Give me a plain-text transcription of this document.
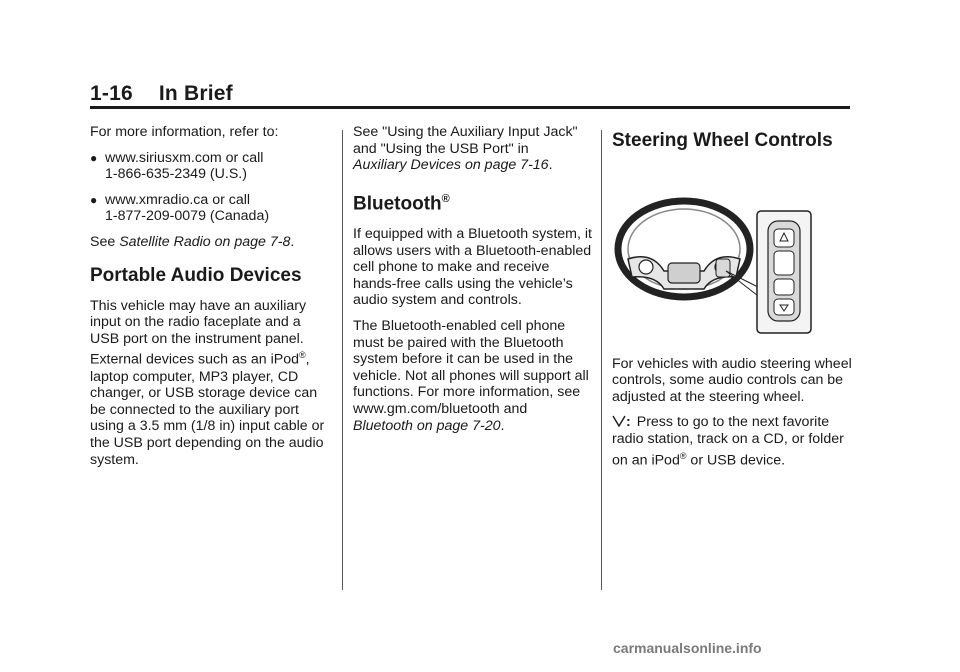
1-16 In Brief

For more information, refer to:

● www.siriusxm.com or call
1-866-635-2349 (U.S.)
● www.xmradio.ca or call
1-877-209-0079 (Canada)

See Satellite Radio on page 7-8.

Portable Audio Devices

This vehicle may have an auxiliary input on the radio faceplate and a USB port on the instrument panel. External devices such as an iPod®, laptop computer, MP3 player, CD changer, or USB storage device can be connected to the auxiliary port using a 3.5 mm (1/8 in) input cable or the USB port depending on the audio system.

See "Using the Auxiliary Input Jack" and "Using the USB Port" in
Auxiliary Devices on page 7-16.

Bluetooth®

If equipped with a Bluetooth system, it allows users with a Bluetooth-enabled cell phone to make and receive hands-free calls using the vehicle’s audio system and controls.

The Bluetooth-enabled cell phone must be paired with the Bluetooth system before it can be used in the vehicle. Not all phones will support all functions. For more information, see www.gm.com/bluetooth and
Bluetooth on page 7-20.

Steering Wheel Controls

For vehicles with audio steering wheel controls, some audio controls can be adjusted at the steering wheel.

: Press to go to the next favorite radio station, track on a CD, or folder on an iPod® or USB device.

carmanualsonline.info
